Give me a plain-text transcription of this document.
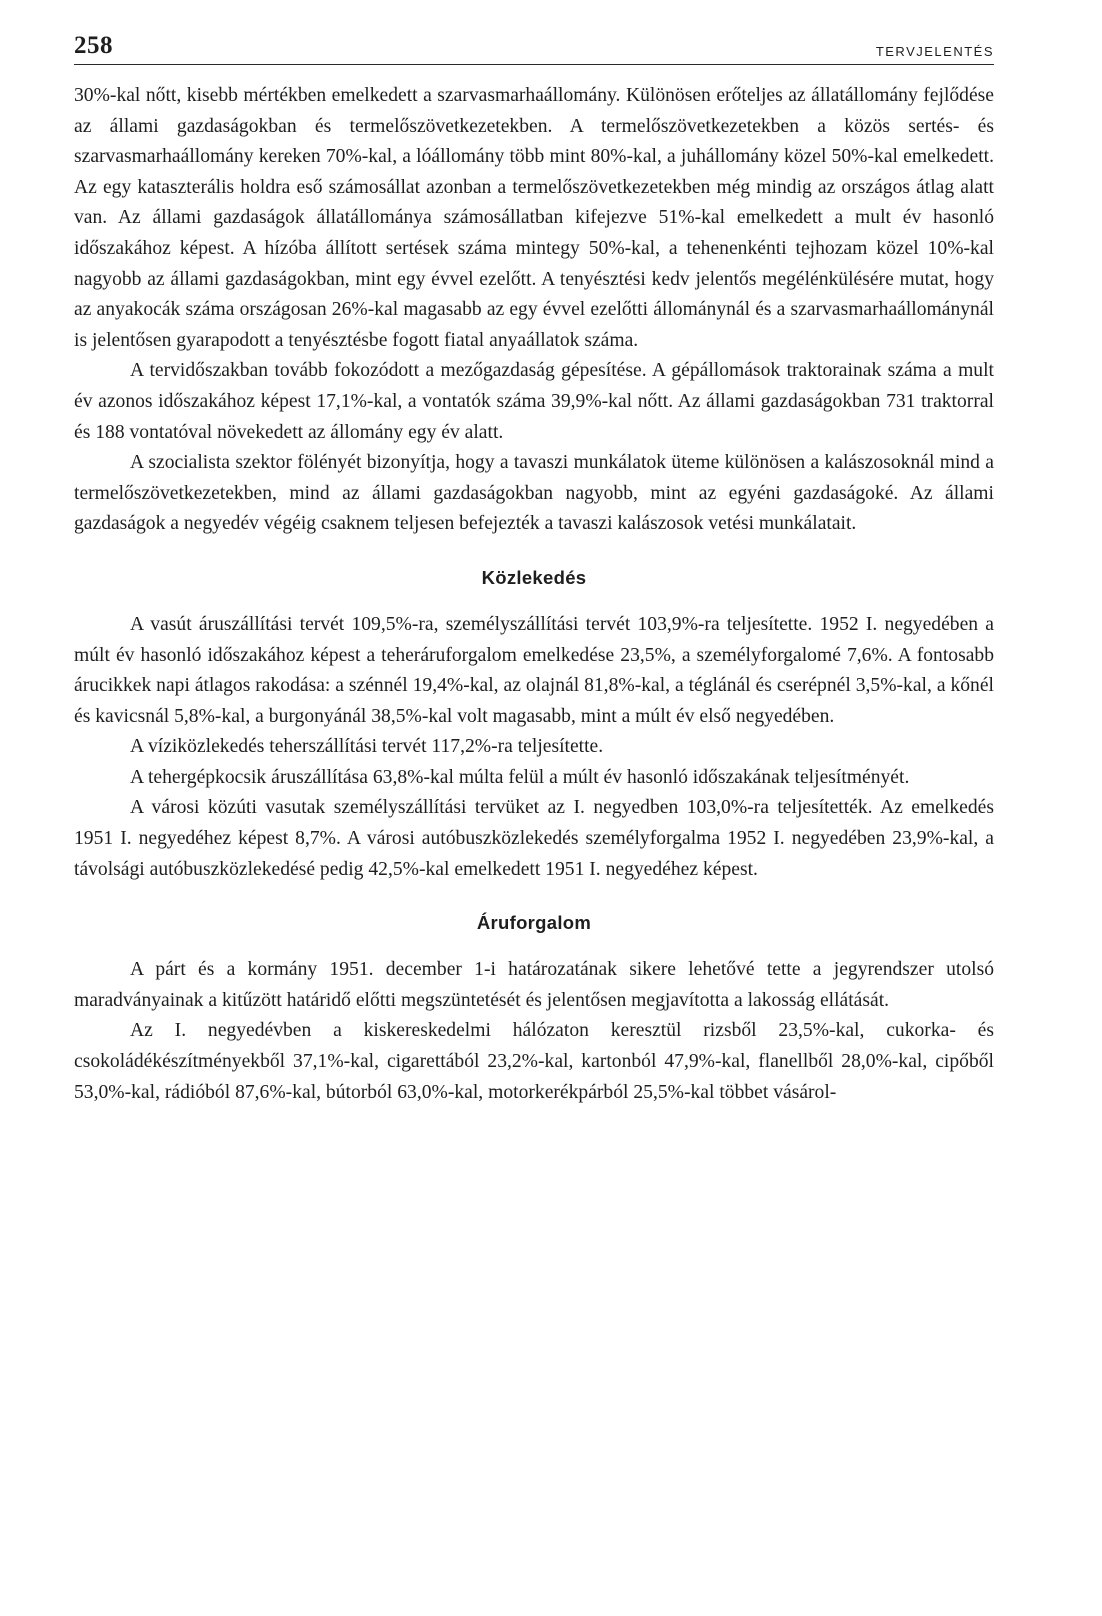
258	TERVJELENTÉS

30%-kal nőtt, kisebb mértékben emelkedett a szarvasmarhaállomány. Különösen erőteljes az állatállomány fejlődése az állami gazdaságokban és termelőszövetkezetekben. A termelőszövetkezetekben a közös sertés- és szarvasmarhaállomány kereken 70%-kal, a lóállomány több mint 80%-kal, a juhállomány közel 50%-kal emelkedett. Az egy kataszterális holdra eső számosállat azonban a termelőszövetkezetekben még mindig az országos átlag alatt van. Az állami gazdaságok állatállománya számosállatban kifejezve 51%-kal emelkedett a mult év hasonló időszakához képest. A hízóba állított sertések száma mintegy 50%-kal, a tehenenkénti tejhozam közel 10%-kal nagyobb az állami gazdaságokban, mint egy évvel ezelőtt. A tenyésztési kedv jelentős megélénkülésére mutat, hogy az anyakocák száma országosan 26%-kal magasabb az egy évvel ezelőtti állománynál és a szarvasmarhaállománynál is jelentősen gyarapodott a tenyésztésbe fogott fiatal anyaállatok száma.

A tervidőszakban tovább fokozódott a mezőgazdaság gépesítése. A gépállomások traktorainak száma a mult év azonos időszakához képest 17,1%-kal, a vontatók száma 39,9%-kal nőtt. Az állami gazdaságokban 731 traktorral és 188 vontatóval növekedett az állomány egy év alatt.

A szocialista szektor fölényét bizonyítja, hogy a tavaszi munkálatok üteme különösen a kalászosoknál mind a termelőszövetkezetekben, mind az állami gazdaságokban nagyobb, mint az egyéni gazdaságoké. Az állami gazdaságok a negyedév végéig csaknem teljesen befejezték a tavaszi kalászosok vetési munkálatait.

Közlekedés

A vasút áruszállítási tervét 109,5%-ra, személyszállítási tervét 103,9%-ra teljesítette. 1952 I. negyedében a múlt év hasonló időszakához képest a teheráruforgalom emelkedése 23,5%, a személyforgalomé 7,6%. A fontosabb árucikkek napi átlagos rakodása: a szénnél 19,4%-kal, az olajnál 81,8%-kal, a téglánál és cserépnél 3,5%-kal, a kőnél és kavicsnál 5,8%-kal, a burgonyánál 38,5%-kal volt magasabb, mint a múlt év első negyedében.

A víziközlekedés teherszállítási tervét 117,2%-ra teljesítette.

A tehergépkocsik áruszállítása 63,8%-kal múlta felül a múlt év hasonló időszakának teljesítményét.

A városi közúti vasutak személyszállítási tervüket az I. negyedben 103,0%-ra teljesítették. Az emelkedés 1951 I. negyedéhez képest 8,7%. A városi autóbuszközlekedés személyforgalma 1952 I. negyedében 23,9%-kal, a távolsági autóbuszközlekedésé pedig 42,5%-kal emelkedett 1951 I. negyedéhez képest.

Áruforgalom

A párt és a kormány 1951. december 1-i határozatának sikere lehetővé tette a jegyrendszer utolsó maradványainak a kitűzött határidő előtti megszüntetését és jelentősen megjavította a lakosság ellátását.

Az I. negyedévben a kiskereskedelmi hálózaton keresztül rizsből 23,5%-kal, cukorka- és csokoládékészítményekből 37,1%-kal, cigarettából 23,2%-kal, kartonból 47,9%-kal, flanellből 28,0%-kal, cipőből 53,0%-kal, rádióból 87,6%-kal, bútorból 63,0%-kal, motorkerékpárból 25,5%-kal többet vásárol-
